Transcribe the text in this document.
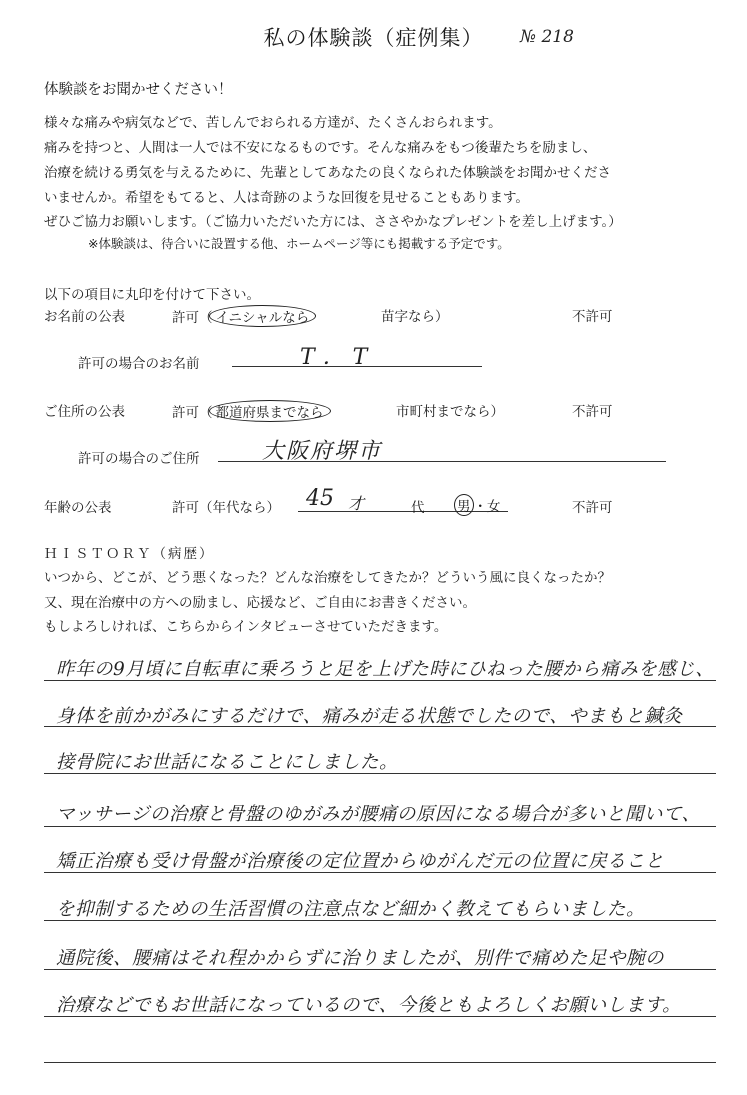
私の体験談（症例集）	№ 218
体験談をお聞かせください！
様々な痛みや病気などで、苦しんでおられる方達が、たくさんおられます。
痛みを持つと、人間は一人では不安になるものです。そんな痛みをもつ後輩たちを励まし、
治療を続ける勇気を与えるために、先輩としてあなたの良くなられた体験談をお聞かせくださ
いませんか。希望をもてると、人は奇跡のような回復を見せることもあります。
ぜひご協力お願いします。（ご協力いただいた方には、ささやかなプレゼントを差し上げます。）
※体験談は、待合いに設置する他、ホームページ等にも掲載する予定です。
以下の項目に丸印を付けて下さい。
お名前の公表	許可（ イニシャルなら	苗字なら）	不許可
許可の場合のお名前	T．T
ご住所の公表	許可（ 都道府県までなら	市町村までなら）	不許可
許可の場合のご住所	大阪府堺市
年齢の公表	許可（年代なら） 45 才	代 男 ・女	不許可
ＨＩＳＴＯＲＹ（病歴）
いつから、どこが、どう悪くなった？どんな治療をしてきたか？どういう風に良くなったか？
又、現在治療中の方への励まし、応援など、ご自由にお書きください。
もしよろしければ、こちらからインタビューさせていただきます。
昨年の9月頃に自転車に乗ろうと足を上げた時にひねった腰から痛みを感じ、
身体を前かがみにするだけで、痛みが走る状態でしたので、やまもと鍼灸
接骨院にお世話になることにしました。
マッサージの治療と骨盤のゆがみが腰痛の原因になる場合が多いと聞いて、
矯正治療も受け骨盤が治療後の定位置からゆがんだ元の位置に戻ること
を抑制するための生活習慣の注意点など細かく教えてもらいました。
通院後、腰痛はそれ程かからずに治りましたが、別件で痛めた足や腕の
治療などでもお世話になっているので、今後ともよろしくお願いします。
